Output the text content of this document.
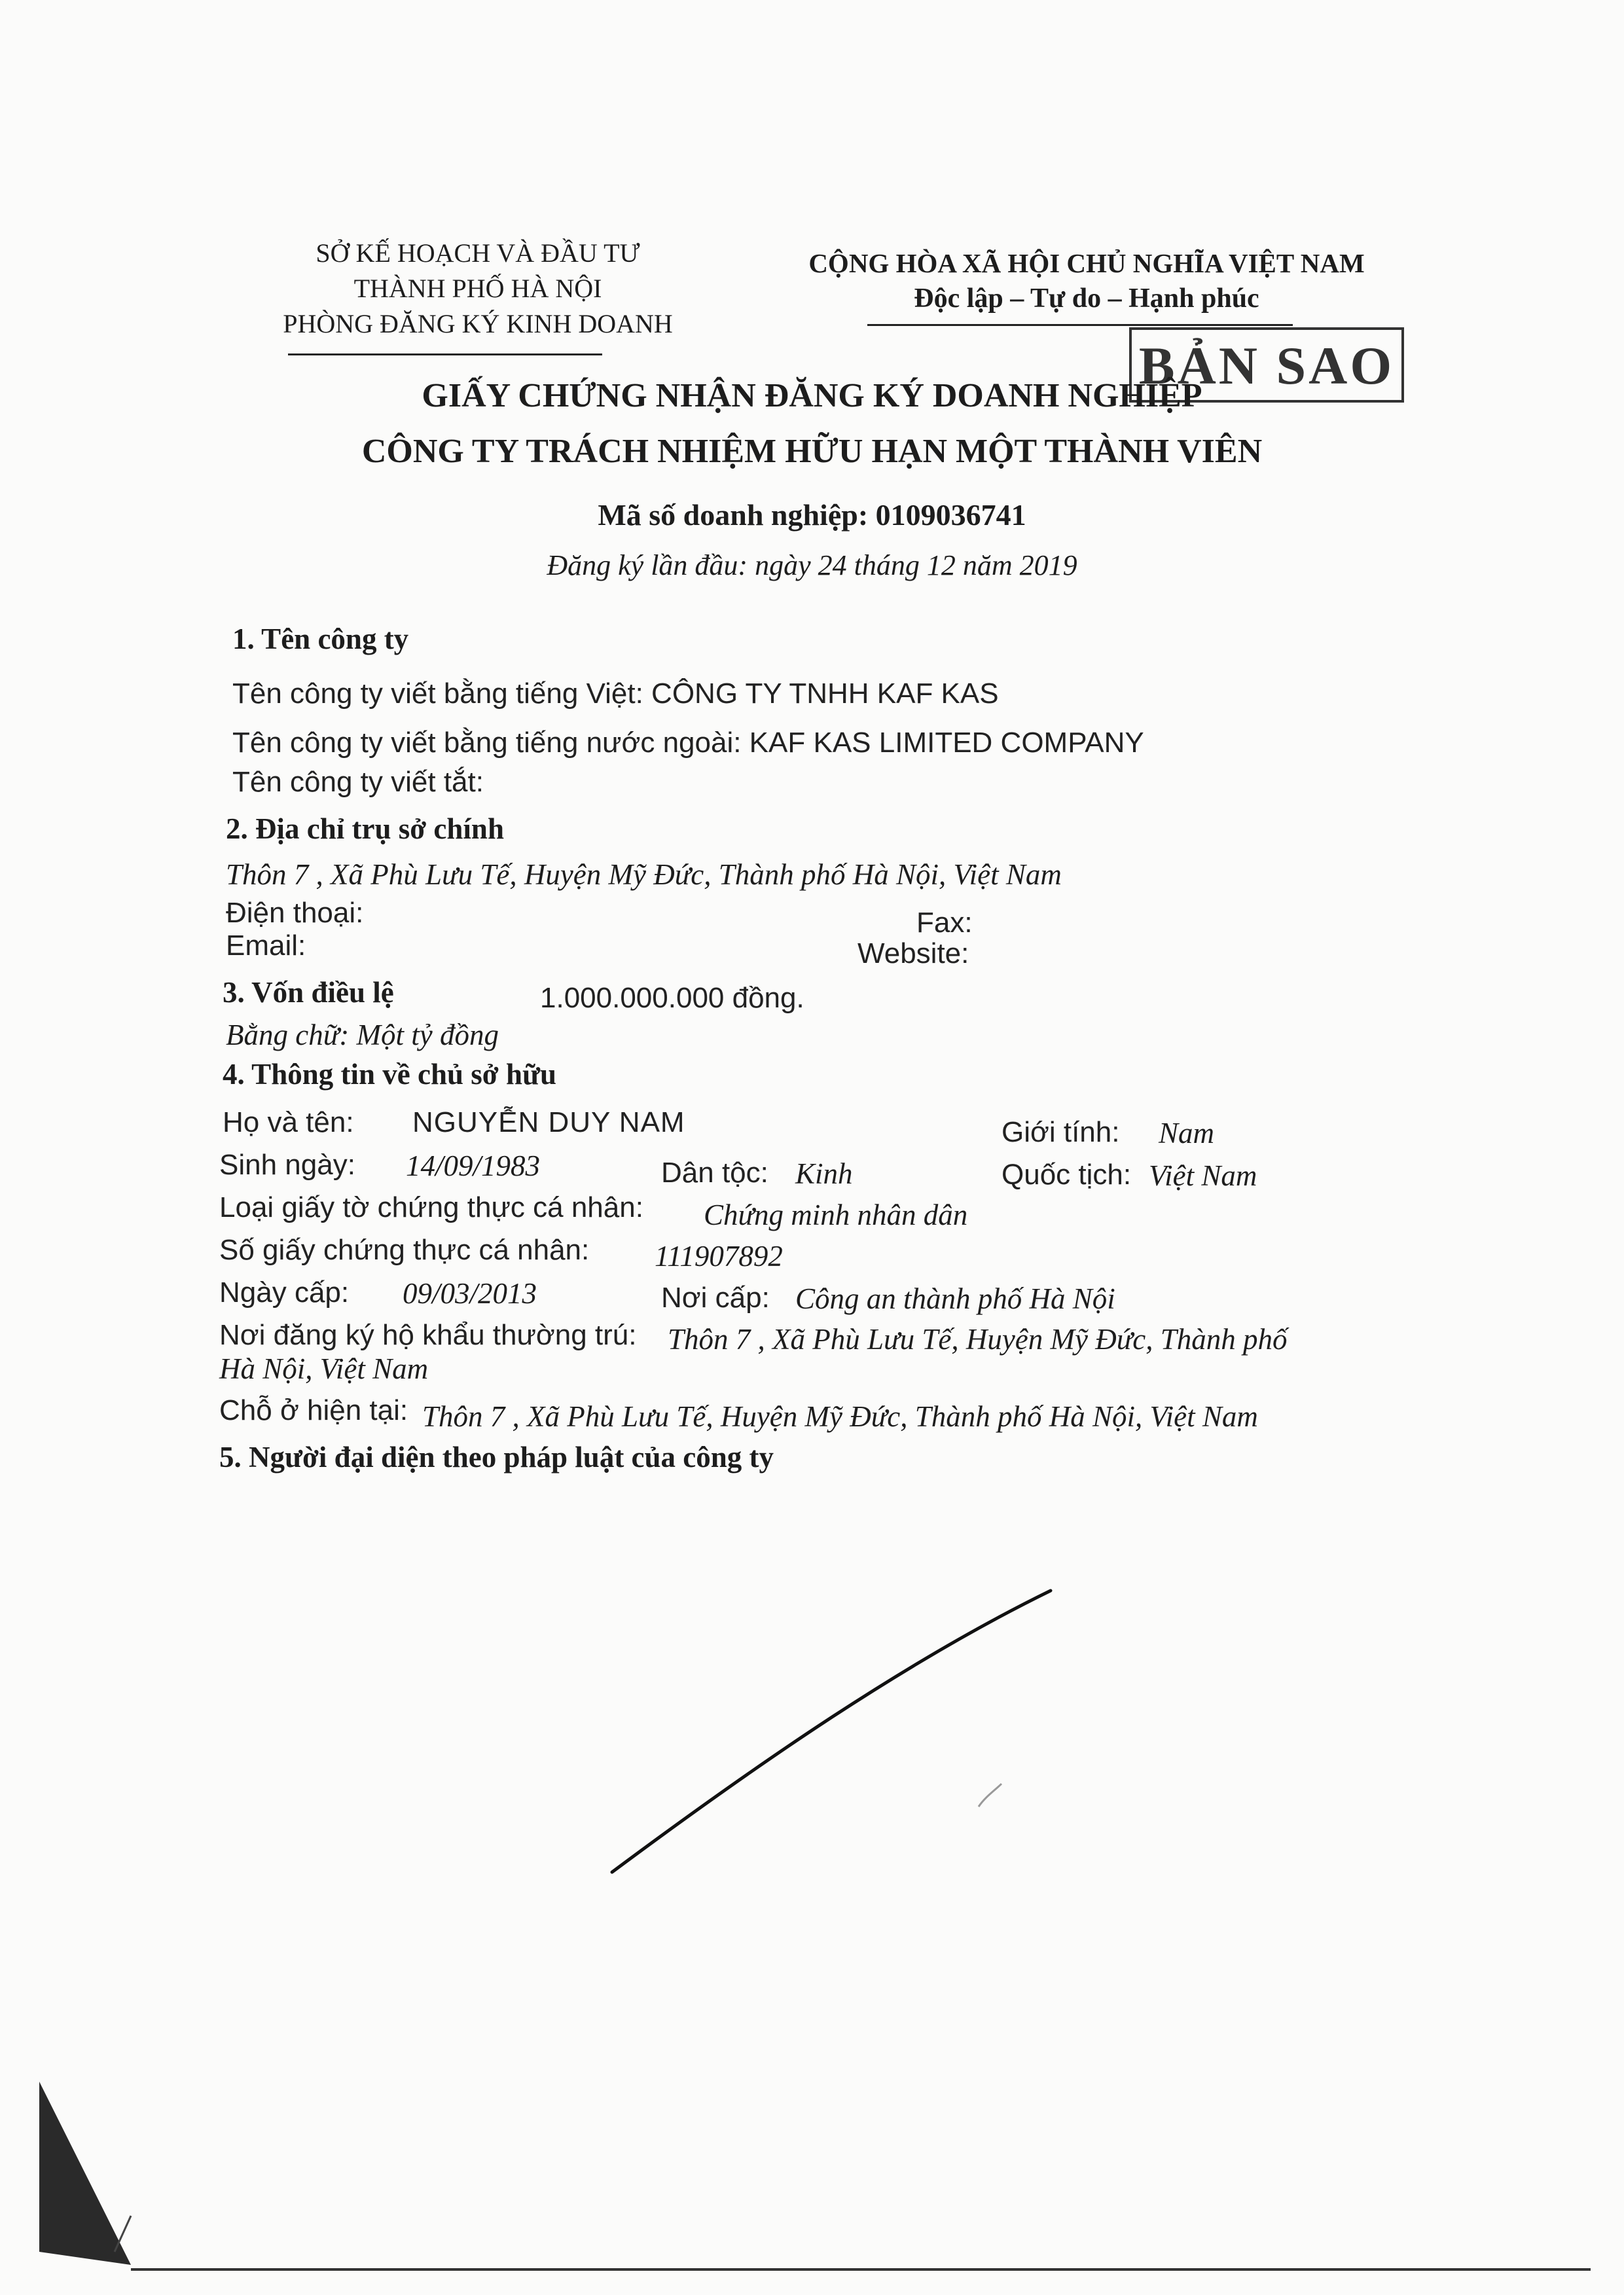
SỞ KẾ HOẠCH VÀ ĐẦU TƯ
THÀNH PHỐ HÀ NỘI
PHÒNG ĐĂNG KÝ KINH DOANH
CỘNG HÒA XÃ HỘI CHỦ NGHĨA VIỆT NAM
Độc lập – Tự do – Hạnh phúc
BẢN SAO
GIẤY CHỨNG NHẬN ĐĂNG KÝ DOANH NGHIỆP
CÔNG TY TRÁCH NHIỆM HỮU HẠN MỘT THÀNH VIÊN
Mã số doanh nghiệp: 0109036741
Đăng ký lần đầu: ngày 24 tháng 12 năm 2019
1. Tên công ty
Tên công ty viết bằng tiếng Việt: CÔNG TY TNHH KAF KAS
Tên công ty viết bằng tiếng nước ngoài: KAF KAS LIMITED COMPANY
Tên công ty viết tắt:
2. Địa chỉ trụ sở chính
Thôn 7 , Xã Phù Lưu Tế, Huyện Mỹ Đức, Thành phố Hà Nội, Việt Nam
Điện thoại:	Fax:
Email:	Website:
3. Vốn điều lệ	1.000.000.000 đồng.
Bằng chữ: Một tỷ đồng
4. Thông tin về chủ sở hữu
Họ và tên: NGUYỄN DUY NAM	Giới tính: Nam
Sinh ngày: 14/09/1983	Dân tộc: Kinh	Quốc tịch: Việt Nam
Loại giấy tờ chứng thực cá nhân: Chứng minh nhân dân
Số giấy chứng thực cá nhân: 111907892
Ngày cấp: 09/03/2013	Nơi cấp: Công an thành phố Hà Nội
Nơi đăng ký hộ khẩu thường trú: Thôn 7 , Xã Phù Lưu Tế, Huyện Mỹ Đức, Thành phố
Hà Nội, Việt Nam
Chỗ ở hiện tại: Thôn 7 , Xã Phù Lưu Tế, Huyện Mỹ Đức, Thành phố Hà Nội, Việt Nam
5. Người đại diện theo pháp luật của công ty
